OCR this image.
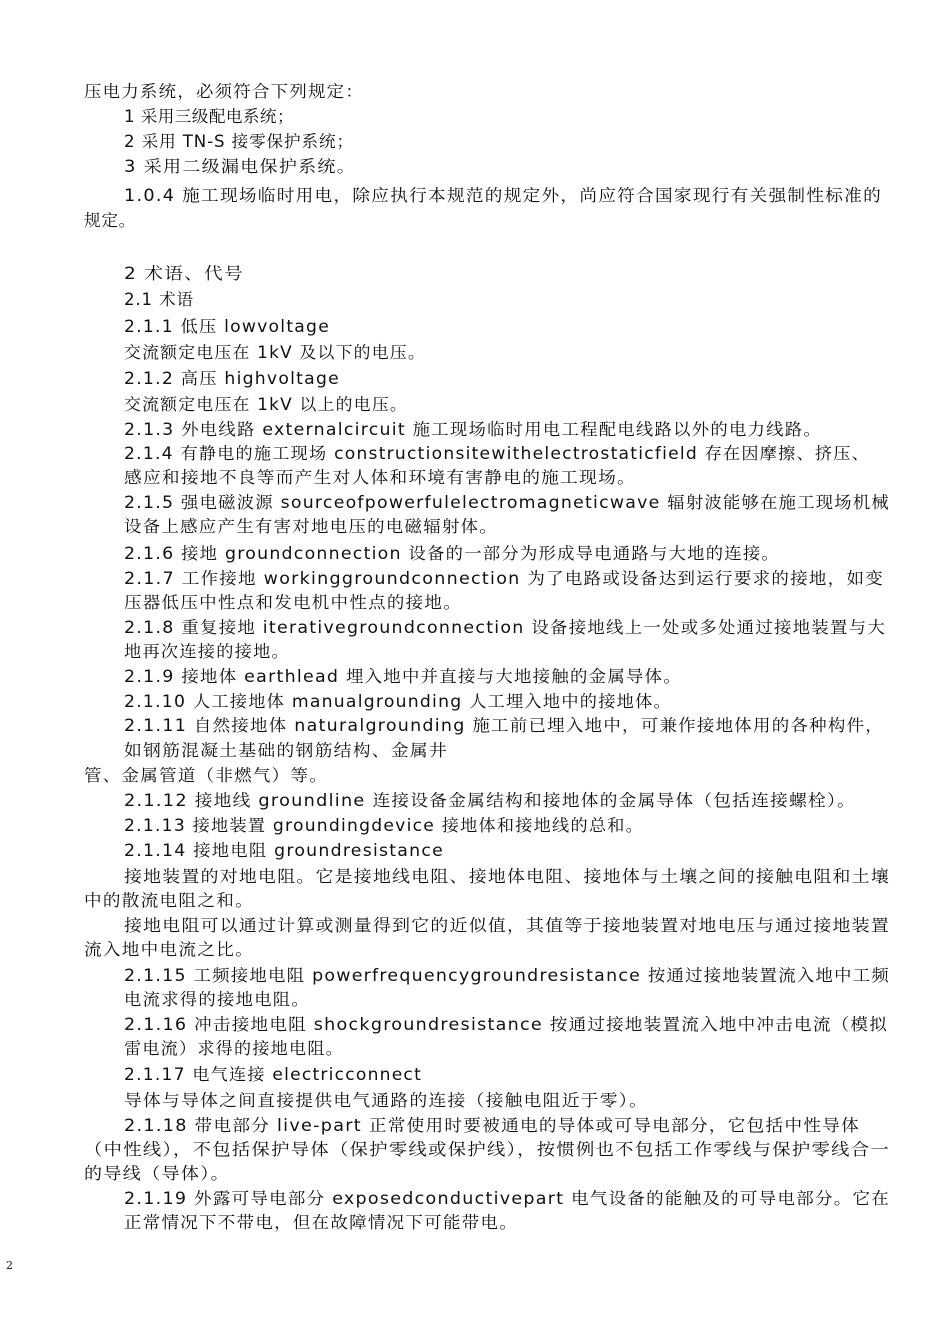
压电力系统，必须符合下列规定：
1 采用三级配电系统；
2 采用 TN-S 接零保护系统；
3 采用二级漏电保护系统。
1.0.4 施工现场临时用电，除应执行本规范的规定外，尚应符合国家现行有关强制性标准的
规定。
2 术语、代号
2.1 术语
2.1.1 低压 lowvoltage
交流额定电压在 1kV 及以下的电压。
2.1.2 高压 highvoltage
交流额定电压在 1kV 以上的电压。
2.1.3 外电线路 externalcircuit 施工现场临时用电工程配电线路以外的电力线路。
2.1.4 有静电的施工现场 constructionsitewithelectrostaticfield 存在因摩擦、挤压、
感应和接地不良等而产生对人体和环境有害静电的施工现场。
2.1.5 强电磁波源 sourceofpowerfulelectromagneticwave 辐射波能够在施工现场机械
设备上感应产生有害对地电压的电磁辐射体。
2.1.6 接地 groundconnection 设备的一部分为形成导电通路与大地的连接。
2.1.7 工作接地 workinggroundconnection 为了电路或设备达到运行要求的接地，如变
压器低压中性点和发电机中性点的接地。
2.1.8 重复接地 iterativegroundconnection 设备接地线上一处或多处通过接地装置与大
地再次连接的接地。
2.1.9 接地体 earthlead 埋入地中并直接与大地接触的金属导体。
2.1.10 人工接地体 manualgrounding 人工埋入地中的接地体。
2.1.11 自然接地体 naturalgrounding 施工前已埋入地中，可兼作接地体用的各种构件，
如钢筋混凝土基础的钢筋结构、金属井
管、金属管道（非燃气）等。
2.1.12 接地线 groundline 连接设备金属结构和接地体的金属导体（包括连接螺栓）。
2.1.13 接地装置 groundingdevice 接地体和接地线的总和。
2.1.14 接地电阻 groundresistance
接地装置的对地电阻。它是接地线电阻、接地体电阻、接地体与土壤之间的接触电阻和土壤
中的散流电阻之和。
接地电阻可以通过计算或测量得到它的近似值，其值等于接地装置对地电压与通过接地装置
流入地中电流之比。
2.1.15 工频接地电阻 powerfrequencygroundresistance 按通过接地装置流入地中工频
电流求得的接地电阻。
2.1.16 冲击接地电阻 shockgroundresistance 按通过接地装置流入地中冲击电流（模拟
雷电流）求得的接地电阻。
2.1.17 电气连接 electricconnect
导体与导体之间直接提供电气通路的连接（接触电阻近于零）。
2.1.18 带电部分 live-part 正常使用时要被通电的导体或可导电部分，它包括中性导体
（中性线），不包括保护导体（保护零线或保护线），按惯例也不包括工作零线与保护零线合一
的导线（导体）。
2.1.19 外露可导电部分 exposedconductivepart 电气设备的能触及的可导电部分。它在
正常情况下不带电，但在故障情况下可能带电。
2
